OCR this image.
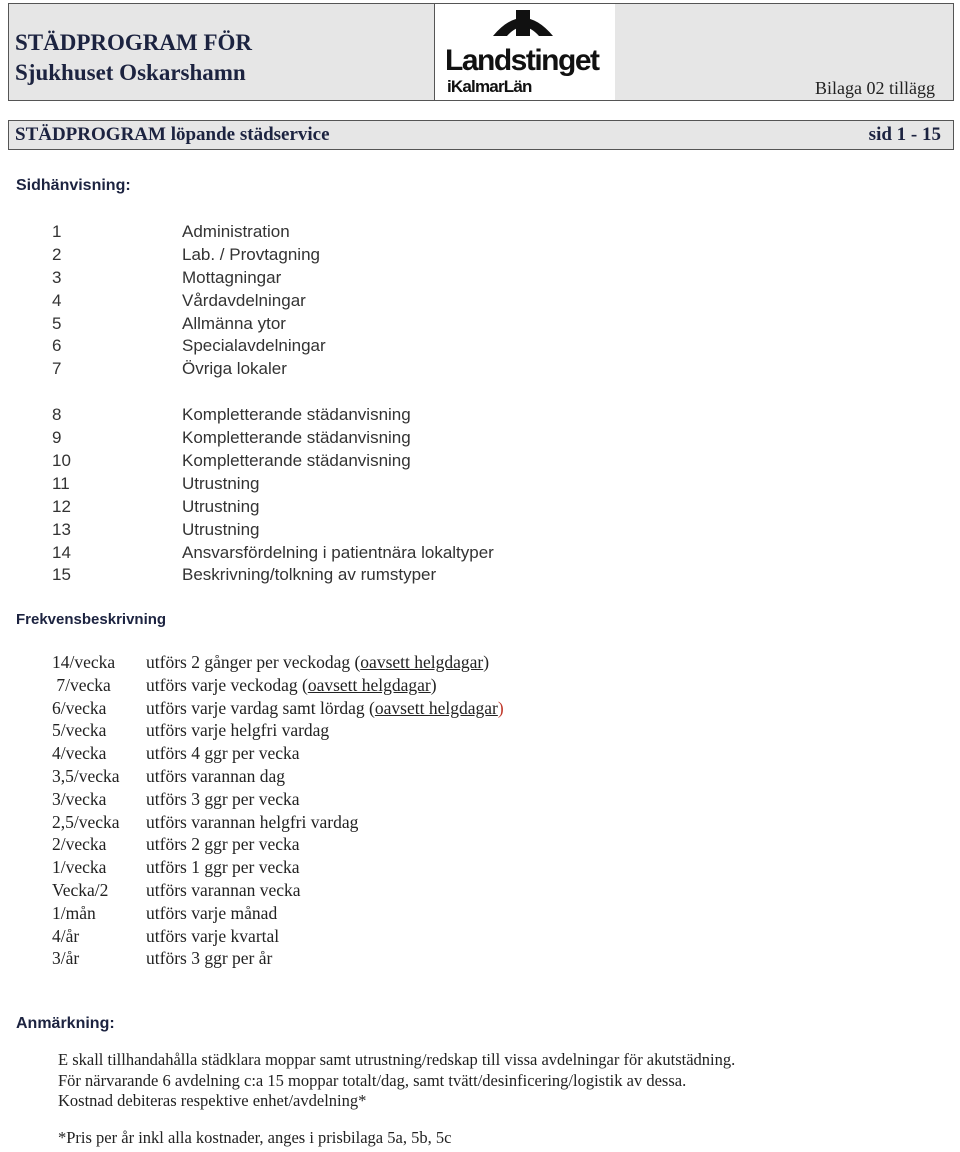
STÄDPROGRAM FÖR
Sjukhuset Oskarshamn	Landstinget
iKalmarLän	Bilaga 02 tillägg
STÄDPROGRAM löpande städservice	sid 1 - 15
Sidhänvisning:
1	Administration
2	Lab. / Provtagning
3	Mottagningar
4	Vårdavdelningar
5	Allmänna ytor
6	Specialavdelningar
7	Övriga lokaler
8	Kompletterande städanvisning
9	Kompletterande städanvisning
10	Kompletterande städanvisning
11	Utrustning
12	Utrustning
13	Utrustning
14	Ansvarsfördelning i patientnära lokaltyper
15	Beskrivning/tolkning av rumstyper
Frekvensbeskrivning
14/vecka	utförs 2 gånger per veckodag (oavsett helgdagar)
7/vecka	utförs varje veckodag (oavsett helgdagar)
6/vecka	utförs varje vardag samt lördag (oavsett helgdagar)
5/vecka	utförs varje helgfri vardag
4/vecka	utförs 4 ggr per vecka
3,5/vecka	utförs varannan dag
3/vecka	utförs 3 ggr per vecka
2,5/vecka	utförs varannan helgfri vardag
2/vecka	utförs 2 ggr per vecka
1/vecka	utförs 1 ggr per vecka
Vecka/2	utförs varannan vecka
1/mån	utförs varje månad
4/år	utförs varje kvartal
3/år	utförs 3 ggr per år
Anmärkning:
E skall tillhandahålla städklara moppar samt utrustning/redskap till vissa avdelningar för akutstädning.
För närvarande 6 avdelning c:a 15 moppar totalt/dag, samt tvätt/desinficering/logistik av dessa.
Kostnad debiteras respektive enhet/avdelning*
*Pris per år inkl alla kostnader, anges i prisbilaga 5a, 5b, 5c
